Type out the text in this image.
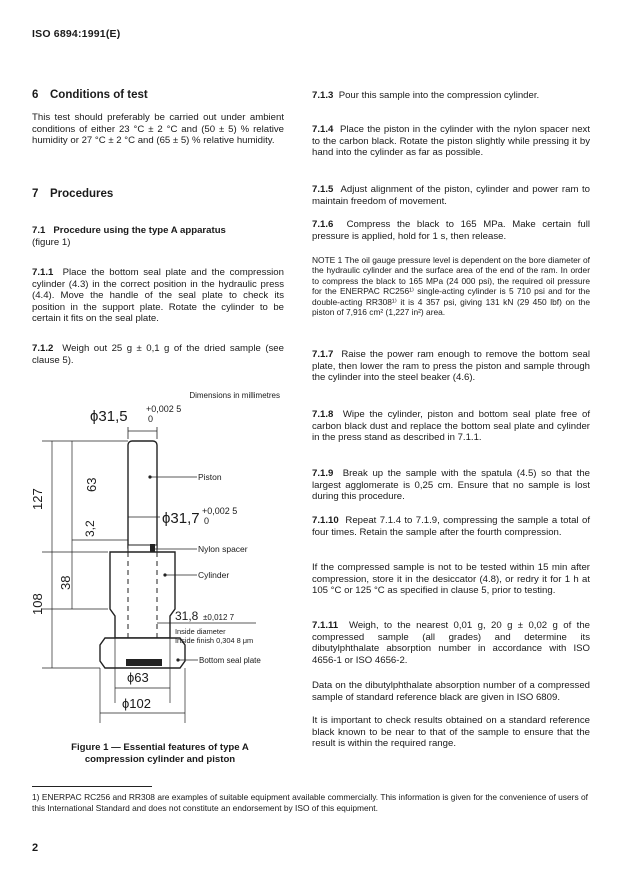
ISO 6894:1991(E)
6 Conditions of test
This test should preferably be carried out under ambient conditions of either 23 °C ± 2 °C and (50 ± 5) % relative humidity or 27 °C ± 2 °C and (65 ± 5) % relative humidity.
7 Procedures
7.1 Procedure using the type A apparatus
(figure 1)
7.1.1 Place the bottom seal plate and the compression cylinder (4.3) in the correct position in the hydraulic press (4.4). Move the handle of the seal plate to check its position in the support plate. Rotate the cylinder to be certain it fits on the seal plate.
7.1.2 Weigh out 25 g ± 0,1 g of the dried sample (see clause 5).
Dimensions in millimetres
ϕ31,5 +0,002 5
0
63
127
3,2
38
108
ϕ31,7 +0,002 5
0
Piston
Nylon spacer
Cylinder
31,8 ±0,012 7
Inside diameter
Inside finish 0,304 8 μm
Bottom seal plate
ϕ63
ϕ102
Figure 1 — Essential features of type A
compression cylinder and piston
7.1.3 Pour this sample into the compression cylinder.
7.1.4 Place the piston in the cylinder with the nylon spacer next to the carbon black. Rotate the piston slightly while pressing it by hand into the cylinder as far as possible.
7.1.5 Adjust alignment of the piston, cylinder and power ram to maintain freedom of movement.
7.1.6 Compress the black to 165 MPa. Make certain full pressure is applied, hold for 1 s, then release.
NOTE 1 The oil gauge pressure level is dependent on the bore diameter of the hydraulic cylinder and the surface area of the end of the ram. In order to compress the black to 165 MPa (24 000 psi), the required oil pressure for the ENERPAC RC256¹⁾ single-acting cylinder is 5 710 psi and for the double-acting RR308¹⁾ it is 4 357 psi, giving 131 kN (29 450 lbf) on the piston of 7,916 cm² (1,227 in²) area.
7.1.7 Raise the power ram enough to remove the bottom seal plate, then lower the ram to press the piston and sample through the cylinder into the steel beaker (4.6).
7.1.8 Wipe the cylinder, piston and bottom seal plate free of carbon black dust and replace the bottom seal plate and cylinder in the press stand as described in 7.1.1.
7.1.9 Break up the sample with the spatula (4.5) so that the largest agglomerate is 0,25 cm. Ensure that no sample is lost during this procedure.
7.1.10 Repeat 7.1.4 to 7.1.9, compressing the sample a total of four times. Retain the sample after the fourth compression.
If the compressed sample is not to be tested within 15 min after compression, store it in the desiccator (4.8), or redry it for 1 h at 105 °C or 125 °C as specified in clause 5, prior to testing.
7.1.11 Weigh, to the nearest 0,01 g, 20 g ± 0,02 g of the compressed sample (all grades) and determine its dibutylphthalate absorption number in accordance with ISO 4656-1 or ISO 4656-2.
Data on the dibutylphthalate absorption number of a compressed sample of standard reference black are given in ISO 6809.
It is important to check results obtained on a standard reference black known to be near to that of the sample to ensure that the result is within the required range.
1) ENERPAC RC256 and RR308 are examples of suitable equipment available commercially. This information is given for the convenience of users of this International Standard and does not constitute an endorsement by ISO of this equipment.
2
